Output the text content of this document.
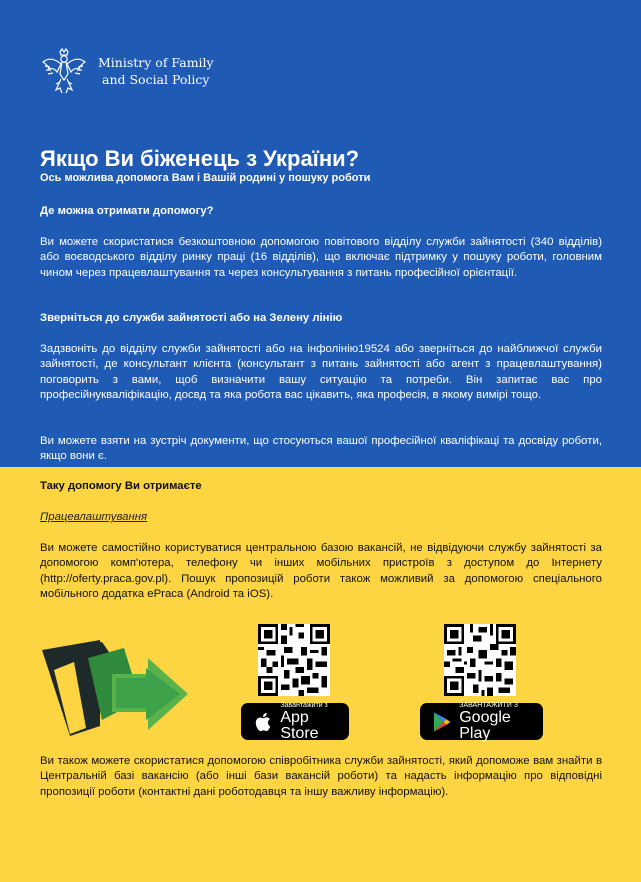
Ministry of Family
and Social Policy
Якщо Ви біженець з України?

Ось можлива допомога Вам і Вашій родині у пошуку роботи

Де можна отримати допомогу?

Ви можете скористатися безкоштовною допомогою повітового відділу служби зайнятості (340 відділів) або воєводського відділу ринку праці (16 відділів), що включає підтримку у пошуку роботи, головним чином через працевлаштування та через консультування з питань професійної орієнтації.

Зверніться до служби зайнятості або на Зелену лінію

Задзвоніть до відділу служби зайнятості або на інфолінію19524 або зверніться до найближчої служби зайнятості, де консультант клієнта (консультант з питань зайнятості або агент з працевлаштування) поговорить з вами, щоб визначити вашу ситуацію та потреби. Він запитає вас про професійнукваліфікацію, досвд та яка робота вас цікавить, яка професія, в якому вимірі тощо.

Ви можете взяти на зустріч документи, що стосуються вашої професійної кваліфікаці та досвіду роботи, якщо вони є.

Таку допомогу Ви отримаєте

Працевлаштування

Ви можете самостійно користуватися центральною базою вакансій, не відвідуючи службу зайнятості за допомогою комп'ютера, телефону чи інших мобільних пристроїв з доступом до Інтернету (http://oferty.praca.gov.pl). Пошук пропозицій роботи також можливий за допомогою спеціального мобільного додатка ePraca (Android та iOS).

Завантажити з
App Store
ЗАВАНТАЖИТИ З
Google Play

Ви також можете скористатися допомогою співробітника служби зайнятості, який допоможе вам знайти в Центральній базі вакансію (або інші бази вакансій роботи) та надасть інформацію про відповідні пропозиції роботи (контактні дані роботодавця та іншу важливу інформацію).
